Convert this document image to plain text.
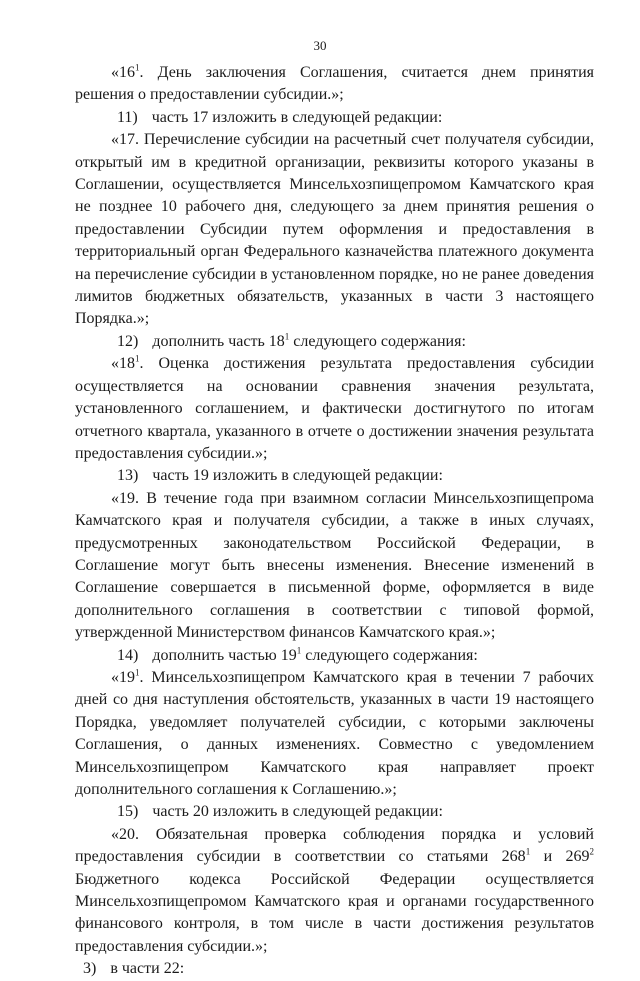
30

«$16^1$. День заключения Соглашения, считается днем принятия решения о предоставлении субсидии.»;

11) часть 17 изложить в следующей редакции:

«17. Перечисление субсидии на расчетный счет получателя субсидии, открытый им в кредитной организации, реквизиты которого указаны в Соглашении, осуществляется Минсельхозпищепромом Камчатского края не позднее 10 рабочего дня, следующего за днем принятия решения о предоставлении Субсидии путем оформления и предоставления в территориальный орган Федерального казначейства платежного документа на перечисление субсидии в установленном порядке, но не ранее доведения лимитов бюджетных обязательств, указанных в части 3 настоящего Порядка.»;

12) дополнить часть $18^1$ следующего содержания:

«$18^1$. Оценка достижения результата предоставления субсидии осуществляется на основании сравнения значения результата, установленного соглашением, и фактически достигнутого по итогам отчетного квартала, указанного в отчете о достижении значения результата предоставления субсидии.»;

13) часть 19 изложить в следующей редакции:

«19. В течение года при взаимном согласии Минсельхозпищепрома Камчатского края и получателя субсидии, а также в иных случаях, предусмотренных законодательством Российской Федерации, в Соглашение могут быть внесены изменения. Внесение изменений в Соглашение совершается в письменной форме, оформляется в виде дополнительного соглашения в соответствии с типовой формой, утвержденной Министерством финансов Камчатского края.»;

14) дополнить частью $19^1$ следующего содержания:

«$19^1$. Минсельхозпищепром Камчатского края в течении 7 рабочих дней со дня наступления обстоятельств, указанных в части 19 настоящего Порядка, уведомляет получателей субсидии, с которыми заключены Соглашения, о данных изменениях. Совместно с уведомлением Минсельхозпищепром Камчатского края направляет проект дополнительного соглашения к Соглашению.»;

15) часть 20 изложить в следующей редакции:

«20. Обязательная проверка соблюдения порядка и условий предоставления субсидии в соответствии со статьями $268^1$ и $269^2$ Бюджетного кодекса Российской Федерации осуществляется Минсельхозпищепромом Камчатского края и органами государственного финансового контроля, в том числе в части достижения результатов предоставления субсидии.»;

3) в части 22:
